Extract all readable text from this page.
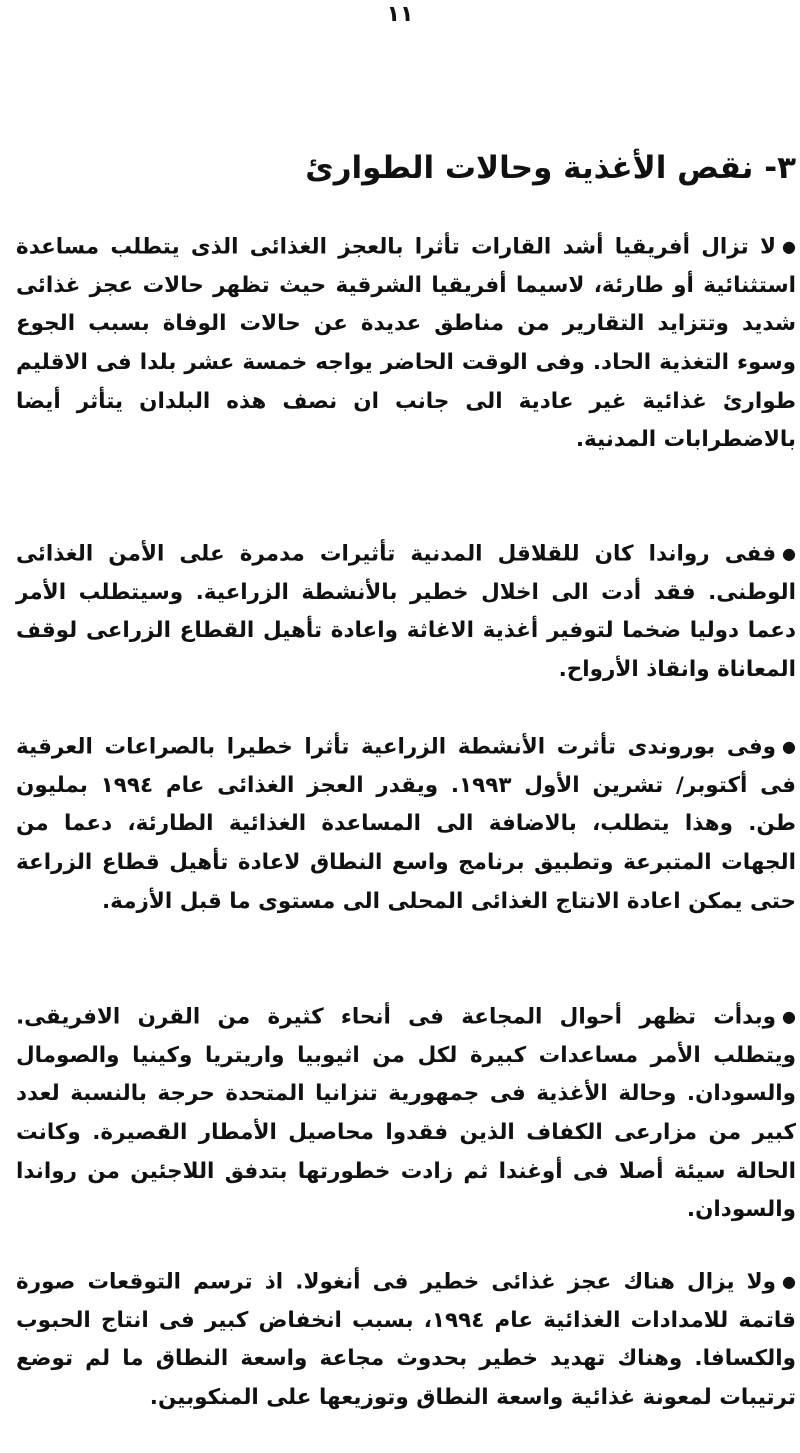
١١
٣- نقص الأغذية وحالات الطوارئ

●لا تزال أفريقيا أشد القارات تأثرا بالعجز الغذائى الذى يتطلب مساعدة استثنائية أو طارئة، لاسيما أفريقيا الشرقية حيث تظهر حالات عجز غذائى شديد وتتزايد التقارير من مناطق عديدة عن حالات الوفاة بسبب الجوع وسوء التغذية الحاد. وفى الوقت الحاضر يواجه خمسة عشر بلدا فى الاقليم طوارئ غذائية غير عادية الى جانب ان نصف هذه البلدان يتأثر أيضا بالاضطرابات المدنية.

●ففى رواندا كان للقلاقل المدنية تأثيرات مدمرة على الأمن الغذائى الوطنى. فقد أدت الى اخلال خطير بالأنشطة الزراعية. وسيتطلب الأمر دعما دوليا ضخما لتوفير أغذية الاغاثة واعادة تأهيل القطاع الزراعى لوقف المعاناة وانقاذ الأرواح.

●وفى بوروندى تأثرت الأنشطة الزراعية تأثرا خطيرا بالصراعات العرقية فى أكتوبر/ تشرين الأول ١٩٩٣. ويقدر العجز الغذائى عام ١٩٩٤ بمليون طن. وهذا يتطلب، بالاضافة الى المساعدة الغذائية الطارئة، دعما من الجهات المتبرعة وتطبيق برنامج واسع النطاق لاعادة تأهيل قطاع الزراعة حتى يمكن اعادة الانتاج الغذائى المحلى الى مستوى ما قبل الأزمة.

●وبدأت تظهر أحوال المجاعة فى أنحاء كثيرة من القرن الافريقى. ويتطلب الأمر مساعدات كبيرة لكل من اثيوبيا واريتريا وكينيا والصومال والسودان. وحالة الأغذية فى جمهورية تنزانيا المتحدة حرجة بالنسبة لعدد كبير من مزارعى الكفاف الذين فقدوا محاصيل الأمطار القصيرة. وكانت الحالة سيئة أصلا فى أوغندا ثم زادت خطورتها بتدفق اللاجئين من رواندا والسودان.

●ولا يزال هناك عجز غذائى خطير فى أنغولا. اذ ترسم التوقعات صورة قاتمة للامدادات الغذائية عام ١٩٩٤، بسبب انخفاض كبير فى انتاج الحبوب والكسافا. وهناك تهديد خطير بحدوث مجاعة واسعة النطاق ما لم توضع ترتيبات لمعونة غذائية واسعة النطاق وتوزيعها على المنكوبين.
